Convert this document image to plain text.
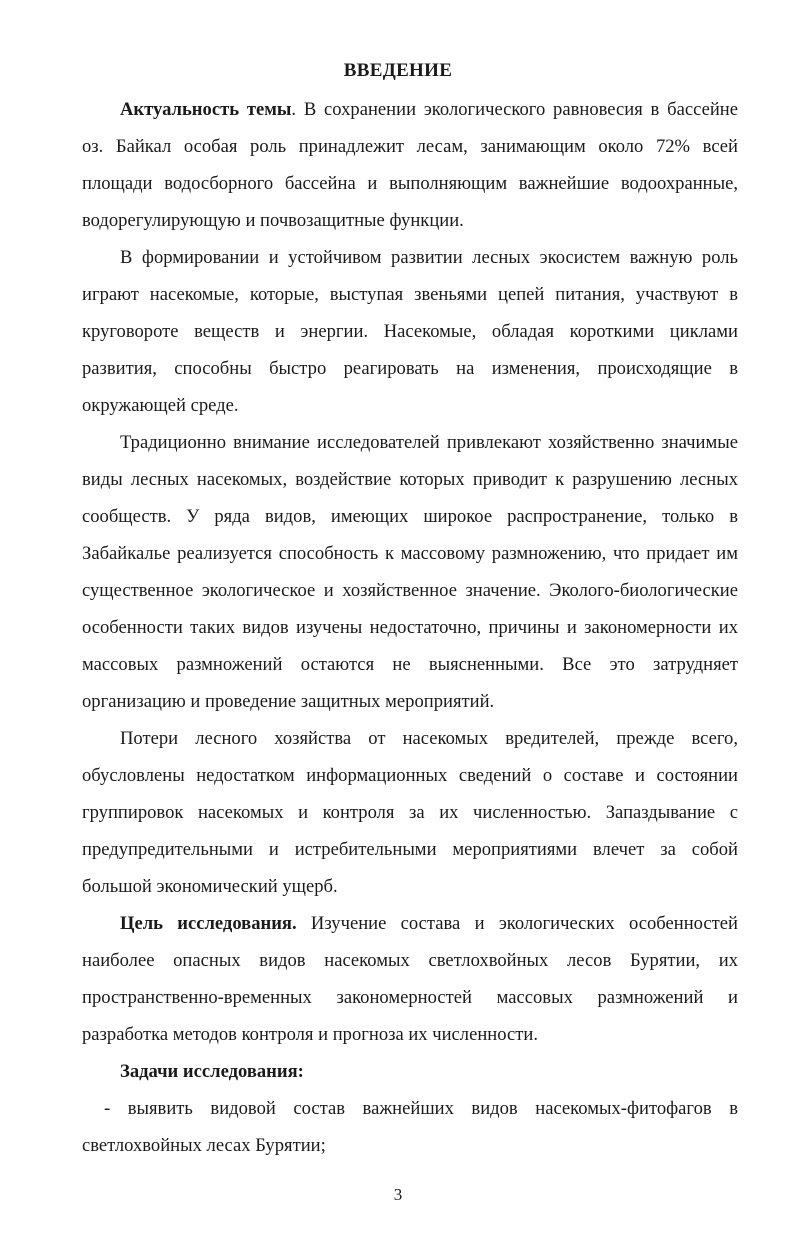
ВВЕДЕНИЕ

Актуальность темы. В сохранении экологического равновесия в бассейне оз. Байкал особая роль принадлежит лесам, занимающим около 72% всей площади водосборного бассейна и выполняющим важнейшие водоохранные, водорегулирующую и почвозащитные функции.

В формировании и устойчивом развитии лесных экосистем важную роль играют насекомые, которые, выступая звеньями цепей питания, участвуют в круговороте веществ и энергии. Насекомые, обладая короткими циклами развития, способны быстро реагировать на изменения, происходящие в окружающей среде.

Традиционно внимание исследователей привлекают хозяйственно значимые виды лесных насекомых, воздействие которых приводит к разрушению лесных сообществ. У ряда видов, имеющих широкое распространение, только в Забайкалье реализуется способность к массовому размножению, что придает им существенное экологическое и хозяйственное значение. Эколого-биологические особенности таких видов изучены недостаточно, причины и закономерности их массовых размножений остаются не выясненными. Все это затрудняет организацию и проведение защитных мероприятий.

Потери лесного хозяйства от насекомых вредителей, прежде всего, обусловлены недостатком информационных сведений о составе и состоянии группировок насекомых и контроля за их численностью. Запаздывание с предупредительными и истребительными мероприятиями влечет за собой большой экономический ущерб.

Цель исследования. Изучение состава и экологических особенностей наиболее опасных видов насекомых светлохвойных лесов Бурятии, их пространственно-временных закономерностей массовых размножений и разработка методов контроля и прогноза их численности.

Задачи исследования:

- выявить видовой состав важнейших видов насекомых-фитофагов в светлохвойных лесах Бурятии;

3
